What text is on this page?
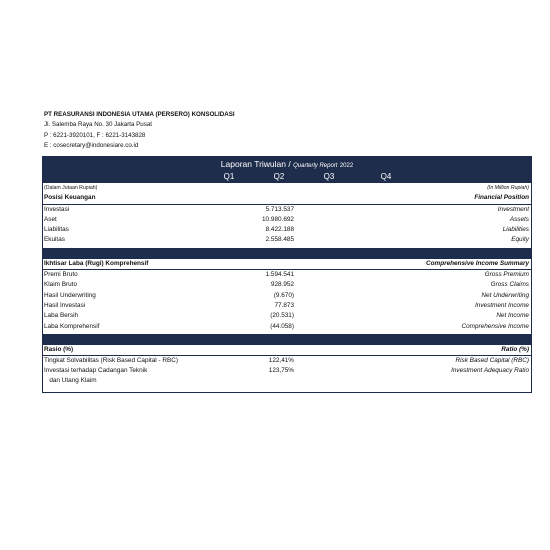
PT REASURANSI INDONESIA UTAMA (PERSERO) KONSOLIDASI
Jl. Salemba Raya No. 30 Jakarta Pusat
P : 6221-3920101, F : 6221-3143828
E : cosecretary@indonesiare.co.id
Laporan Triwulan / Quarterly Report 2022
Q1	Q2	Q3	Q4
(Dalam Jutaan Rupiah)	(In Million Rupiah)
Posisi Keuangan	Financial Position
Investasi	5.713.537	Investment
Aset	10.980.692	Assets
Liabilitas	8.422.188	Liabilities
Ekuitas	2.558.485	Equity
Ikhtisar Laba (Rugi) Komprehensif	Comprehensive Income Summary
Premi Bruto	1.594.541	Gross Premium
Klaim Bruto	928.952	Gross Claims
Hasil Underwriting	(9.670)	Net Underwriting
Hasil Investasi	77.873	Investment Income
Laba Bersih	(20.531)	Net Income
Laba Komprehensif	(44.058)	Comprehensive Income
Rasio (%)	Ratio (%)
Tingkat Solvabilitas (Risk Based Capital - RBC)	122,41%	Risk Based Capital (RBC)
Investasi terhadap Cadangan Teknik
dan Utang Klaim
123,75%	Investment Adequacy Ratio
